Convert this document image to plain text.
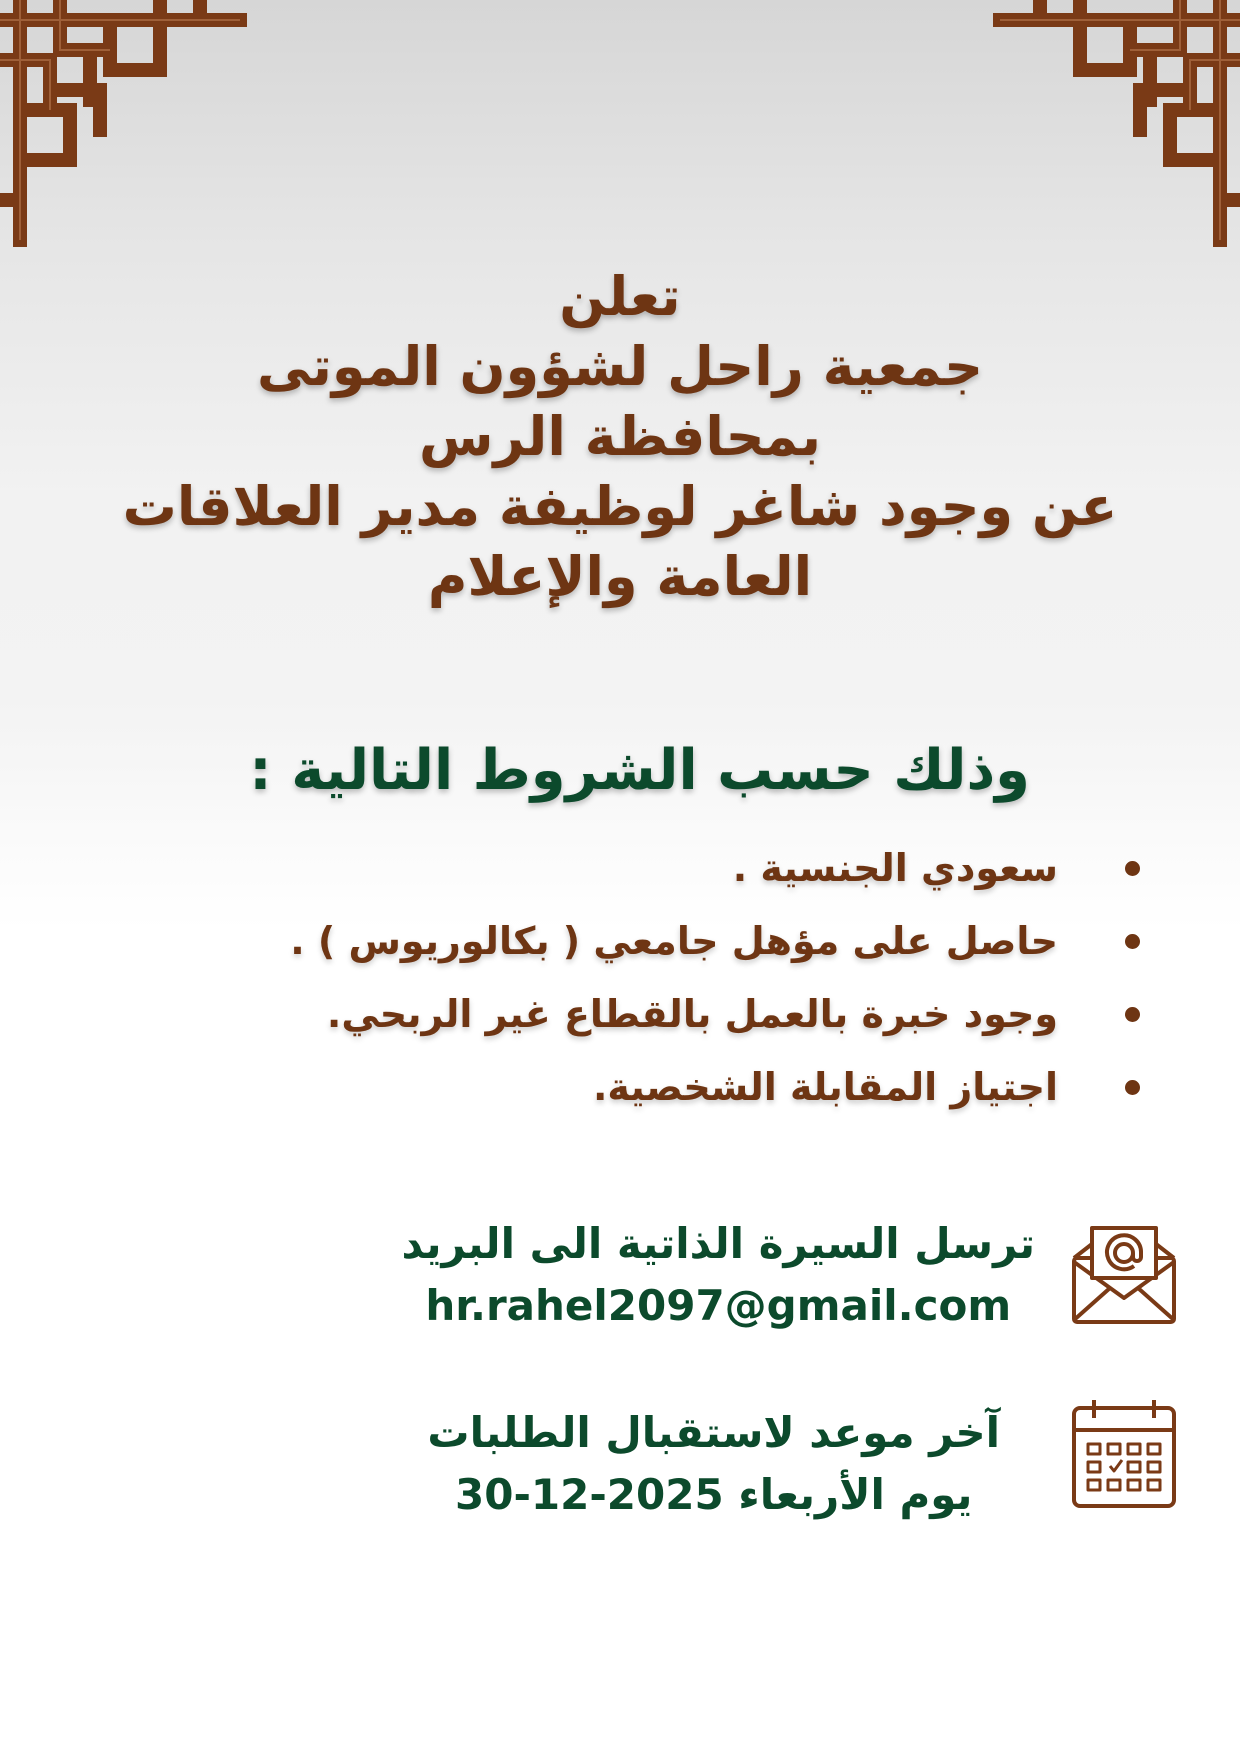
تعلن
جمعية راحل لشؤون الموتى
بمحافظة الرس
عن وجود شاغر لوظيفة مدير العلاقات
العامة والإعلام
وذلك حسب الشروط التالية :
سعودي الجنسية .
حاصل على مؤهل جامعي ( بكالوريوس ) .
وجود خبرة بالعمل بالقطاع غير الربحي.
اجتياز المقابلة الشخصية.
ترسل السيرة الذاتية الى البريد
hr.rahel2097@gmail.com
آخر موعد لاستقبال الطلبات
يوم الأربعاء 2025-12-30
